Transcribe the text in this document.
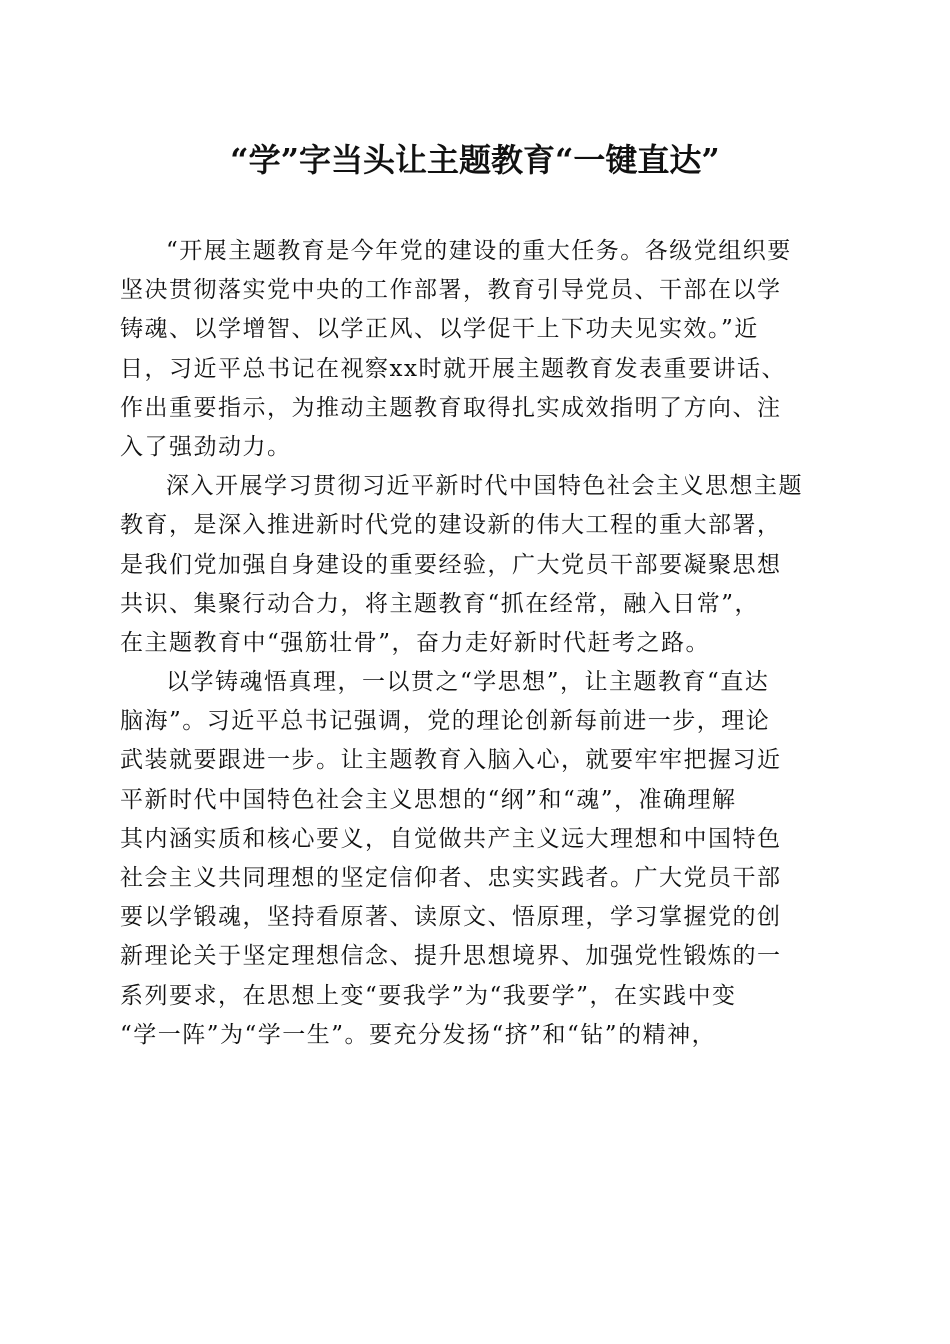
“学”字当头让主题教育“一键直达”
“开展主题教育是今年党的建设的重大任务。各级党组织要
坚决贯彻落实党中央的工作部署，教育引导党员、干部在以学
铸魂、以学增智、以学正风、以学促干上下功夫见实效。”近
日，习近平总书记在视察xx时就开展主题教育发表重要讲话、
作出重要指示，为推动主题教育取得扎实成效指明了方向、注
入了强劲动力。
深入开展学习贯彻习近平新时代中国特色社会主义思想主题
教育，是深入推进新时代党的建设新的伟大工程的重大部署，
是我们党加强自身建设的重要经验，广大党员干部要凝聚思想
共识、集聚行动合力，将主题教育“抓在经常，融入日常”，
在主题教育中“强筋壮骨”，奋力走好新时代赶考之路。
以学铸魂悟真理，一以贯之“学思想”，让主题教育“直达
脑海”。习近平总书记强调，党的理论创新每前进一步，理论
武装就要跟进一步。让主题教育入脑入心，就要牢牢把握习近
平新时代中国特色社会主义思想的“纲”和“魂”，准确理解
其内涵实质和核心要义，自觉做共产主义远大理想和中国特色
社会主义共同理想的坚定信仰者、忠实实践者。广大党员干部
要以学锻魂，坚持看原著、读原文、悟原理，学习掌握党的创
新理论关于坚定理想信念、提升思想境界、加强党性锻炼的一
系列要求，在思想上变“要我学”为“我要学”，在实践中变
“学一阵”为“学一生”。要充分发扬“挤”和“钻”的精神，
